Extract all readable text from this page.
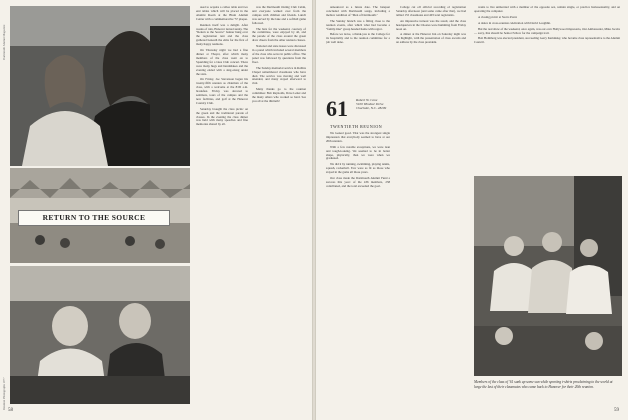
Dartmouth Alumni Magazine
RETURN TO THE SOURCE
Reunion Photographs 1977

used to acquire a coffee table and two end tables which will be placed in the Alumni Room at the Blunt Alumni Center with a commemorative '57 plaque.

Reunion itself was a delight. After weeks of rain, Hanover turned sunny. The "Return to the Source" banner hung over the registration tent and the class gathered beneath the elms for the first of many happy reunions.

On Thursday night we had a fine dinner at Thayer, after which many members of the class went on to Spaulding for a Glee Club concert. There were many hugs and handshakes and the evening ended with a sing-along under the stars.

On Friday, Joe Stevenson began his twenty-fifth reunion as chairman of the class, with a welcome at the 8:00 a.m. breakfast. Friday was devoted to seminars, tours of the campus and the new facilities, and golf at the Hanover Country Club.

Saturday brought the class picnic on the green and the traditional parade of classes. In the evening the class dinner was held with many speeches and fine memories shared by all.

was the Dartmouth Outing Club Cabin, and everyone walked over from the campus with children and friends. Lunch was served by the lake and a softball game followed.

The hats for the weekend, courtesy of the committee, were enjoyed by all, and the parade of the class around the green drew cheers from the other reunion classes.

National and state issues were discussed in a panel which included several members of the class who serve in public office. The panel was followed by questions from the floor.

The Sunday memorial service in Rollins Chapel remembered classmates who have died. The service was moving and well attended, and many stayed afterward to visit.

Many thanks go to the reunion committee: Bob Reynolds, Dave Leiter and the many others who worked so hard. See you all at the thirtieth!

58

announced as a future date. The banquet concluded with Dartmouth songs, including a mellow rendition of "Men of Dartmouth."

The Sunday brunch was a fitting close to the reunion events, after which what had become a "family-like" group headed home with regret.

Before we leave, a thank-you to the College for its hospitality and to the reunion committee for a job well done.

61 Robert W. Cone
5100 Windsor Drive
Charlotte, N.C. 28209
TWENTIETH REUNION

We looked good. That was the strongest single impression that everybody seemed to have at our 20th reunion.

With a few notable exceptions, we were lean and tough-looking. We seemed to be in better shape, physically, than we were when we graduated.

We did it by running, swimming, playing tennis, squash, racketball. Few were as fit as those who stayed in the game all those years.

Our class made the Dartmouth Alumni Fund a success this year: of the 436 members, 238 contributed, and the total exceeded the goal.

College cut off official recording of registration Saturday afternoon (and some came after that), we had tallied 155 classmates and 403 total registrants.

An impressive turnout was the result, and the class headquarters in the Choates were humming from Friday noon on.

A dinner at the Hanover Inn on Saturday night was the highlight, with the presentation of class awards and an address by the class president.

wants to live unmarried with a member of the opposite sex, remain single, or practice homosexuality, and on operating the computer.

A closing picnic at Storrs Pond.

A dance in cross-reunion celebration with David Loughlin.

But the real show of the weekend, once again, was our own Hollywood impresario, Our Ambassador, Mike Jacobs — sorry, that should be Senior Fellow for the campaign trail.

Bob Holmberg was elected president, succeeding Gerry Kaminsky, who became class representative to the Alumni Council.

Members of the class of '61 sank up some sun while sporting t-shirts proclaiming to the world at large the last of their classmates who came back to Hanover for their 20th reunion.
59
